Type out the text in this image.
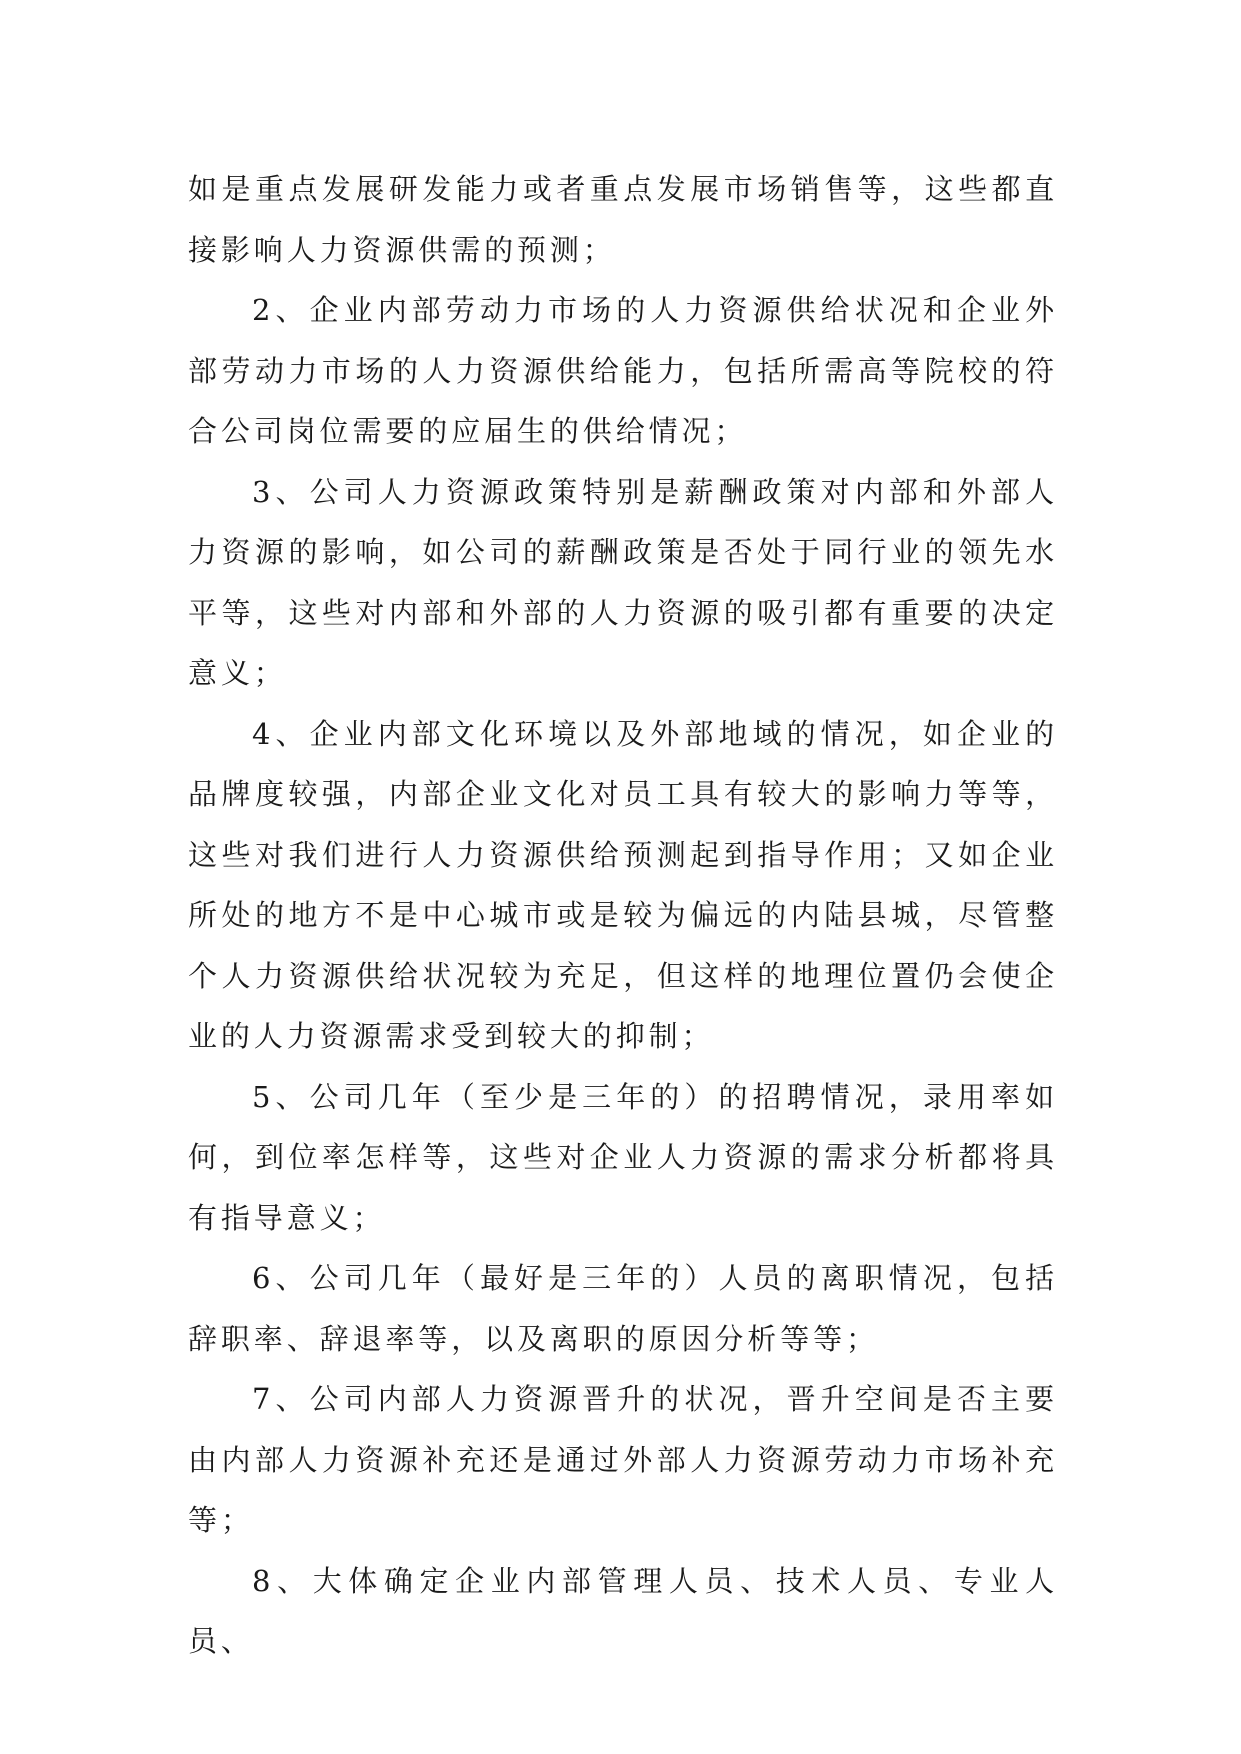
如是重点发展研发能力或者重点发展市场销售等，这些都直接影响人力资源供需的预测；

2、企业内部劳动力市场的人力资源供给状况和企业外部劳动力市场的人力资源供给能力，包括所需高等院校的符合公司岗位需要的应届生的供给情况；

3、公司人力资源政策特别是薪酬政策对内部和外部人力资源的影响，如公司的薪酬政策是否处于同行业的领先水平等，这些对内部和外部的人力资源的吸引都有重要的决定意义；

4、企业内部文化环境以及外部地域的情况，如企业的品牌度较强，内部企业文化对员工具有较大的影响力等等，这些对我们进行人力资源供给预测起到指导作用；又如企业所处的地方不是中心城市或是较为偏远的内陆县城，尽管整个人力资源供给状况较为充足，但这样的地理位置仍会使企业的人力资源需求受到较大的抑制；

5、公司几年（至少是三年的）的招聘情况，录用率如何，到位率怎样等，这些对企业人力资源的需求分析都将具有指导意义；

6、公司几年（最好是三年的）人员的离职情况，包括辞职率、辞退率等，以及离职的原因分析等等；

7、公司内部人力资源晋升的状况，晋升空间是否主要由内部人力资源补充还是通过外部人力资源劳动力市场补充等；

8、大体确定企业内部管理人员、技术人员、专业人员、
